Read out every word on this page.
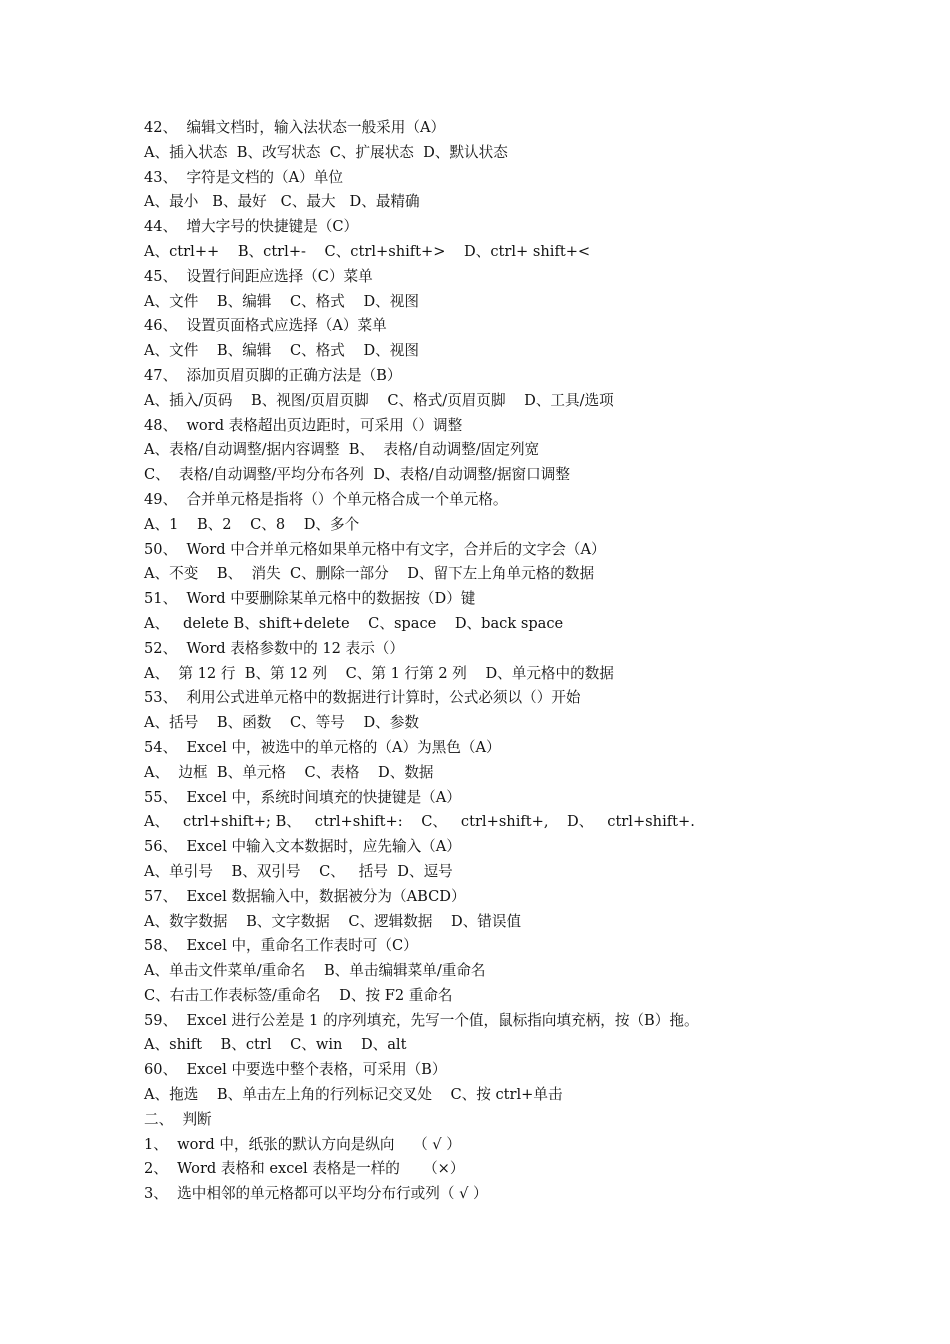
42、  编辑文档时，输入法状态一般采用（A）
A、插入状态  B、改写状态  C、扩展状态  D、默认状态
43、  字符是文档的（A）单位
A、最小   B、最好   C、最大   D、最精确
44、  增大字号的快捷键是（C）
A、ctrl++    B、ctrl+-    C、ctrl+shift+>    D、ctrl+ shift+<
45、  设置行间距应选择（C）菜单
A、文件    B、编辑    C、格式    D、视图
46、  设置页面格式应选择（A）菜单
A、文件    B、编辑    C、格式    D、视图
47、  添加页眉页脚的正确方法是（B）
A、插入/页码    B、视图/页眉页脚    C、格式/页眉页脚    D、工具/选项
48、  word 表格超出页边距时，可采用（）调整
A、表格/自动调整/据内容调整  B、  表格/自动调整/固定列宽
C、  表格/自动调整/平均分布各列  D、表格/自动调整/据窗口调整
49、  合并单元格是指将（）个单元格合成一个单元格。
A、1    B、2    C、8    D、多个
50、  Word 中合并单元格如果单元格中有文字，合并后的文字会（A）
A、不变    B、  消失  C、删除一部分    D、留下左上角单元格的数据
51、  Word 中要删除某单元格中的数据按（D）键
A、   delete B、shift+delete    C、space    D、back space
52、  Word 表格参数中的 12 表示（）
A、  第 12 行  B、第 12 列    C、第 1 行第 2 列    D、单元格中的数据
53、  利用公式进单元格中的数据进行计算时，公式必须以（）开始
A、括号    B、函数    C、等号    D、参数
54、  Excel 中，被选中的单元格的（A）为黑色（A）
A、  边框  B、单元格    C、表格    D、数据
55、  Excel 中，系统时间填充的快捷键是（A）
A、   ctrl+shift+; B、   ctrl+shift+:    C、   ctrl+shift+,    D、   ctrl+shift+.
56、  Excel 中输入文本数据时，应先输入（A）
A、单引号    B、双引号    C、   括号  D、逗号
57、  Excel 数据输入中，数据被分为（ABCD）
A、数字数据    B、文字数据    C、逻辑数据    D、错误值
58、  Excel 中，重命名工作表时可（C）
A、单击文件菜单/重命名    B、单击编辑菜单/重命名
C、右击工作表标签/重命名    D、按 F2 重命名
59、  Excel 进行公差是 1 的序列填充，先写一个值，鼠标指向填充柄，按（B）拖。
A、shift    B、ctrl    C、win    D、alt
60、  Excel 中要选中整个表格，可采用（B）
A、拖选    B、单击左上角的行列标记交叉处    C、按 ctrl+单击
二、  判断
1、  word 中，纸张的默认方向是纵向    （ √ ）
2、  Word 表格和 excel 表格是一样的     （×）
3、  选中相邻的单元格都可以平均分布行或列（ √ ）
